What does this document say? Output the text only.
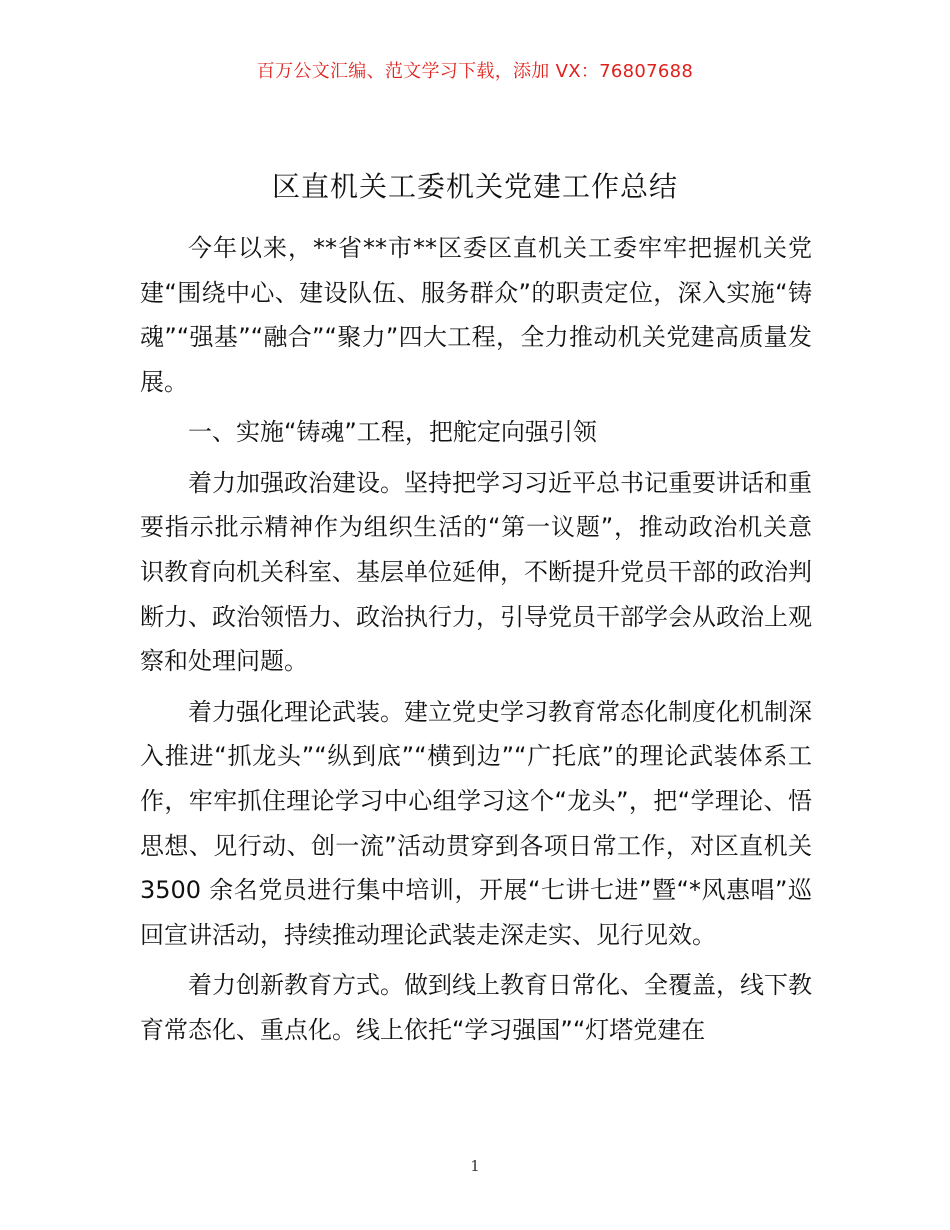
百万公文汇编、范文学习下载，添加 VX：76807688
区直机关工委机关党建工作总结

今年以来，**省**市**区委区直机关工委牢牢把握机关党建“围绕中心、建设队伍、服务群众”的职责定位，深入实施“铸魂”“强基”“融合”“聚力”四大工程，全力推动机关党建高质量发展。

一、实施“铸魂”工程，把舵定向强引领

着力加强政治建设。坚持把学习习近平总书记重要讲话和重要指示批示精神作为组织生活的“第一议题”，推动政治机关意识教育向机关科室、基层单位延伸，不断提升党员干部的政治判断力、政治领悟力、政治执行力，引导党员干部学会从政治上观察和处理问题。

着力强化理论武装。建立党史学习教育常态化制度化机制深入推进“抓龙头”“纵到底”“横到边”“广托底”的理论武装体系工作，牢牢抓住理论学习中心组学习这个“龙头”，把“学理论、悟思想、见行动、创一流”活动贯穿到各项日常工作，对区直机关 3500 余名党员进行集中培训，开展“七讲七进”暨“*风惠唱”巡回宣讲活动，持续推动理论武装走深走实、见行见效。

着力创新教育方式。做到线上教育日常化、全覆盖，线下教育常态化、重点化。线上依托“学习强国”“灯塔党建在

1
